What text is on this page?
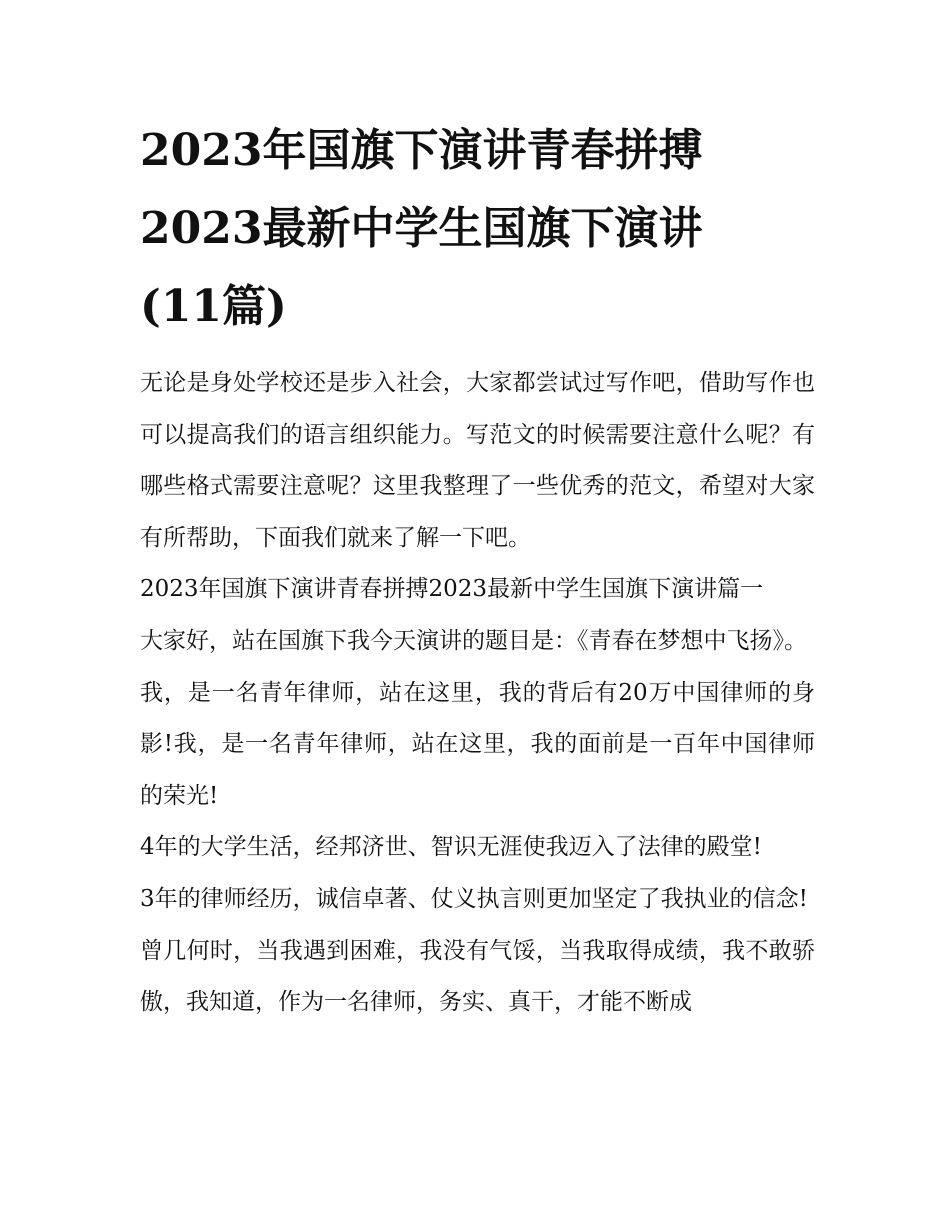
2023年国旗下演讲青春拼搏
2023最新中学生国旗下演讲
(11篇)

无论是身处学校还是步入社会，大家都尝试过写作吧，借助写作也可以提高我们的语言组织能力。写范文的时候需要注意什么呢？有哪些格式需要注意呢？这里我整理了一些优秀的范文，希望对大家有所帮助，下面我们就来了解一下吧。

2023年国旗下演讲青春拼搏2023最新中学生国旗下演讲篇一

大家好，站在国旗下我今天演讲的题目是：《青春在梦想中飞扬》。

我，是一名青年律师，站在这里，我的背后有20万中国律师的身影!我，是一名青年律师，站在这里，我的面前是一百年中国律师的荣光!

4年的大学生活，经邦济世、智识无涯使我迈入了法律的殿堂!

3年的律师经历，诚信卓著、仗义执言则更加坚定了我执业的信念!

曾几何时，当我遇到困难，我没有气馁，当我取得成绩，我不敢骄傲，我知道，作为一名律师，务实、真干，才能不断成
